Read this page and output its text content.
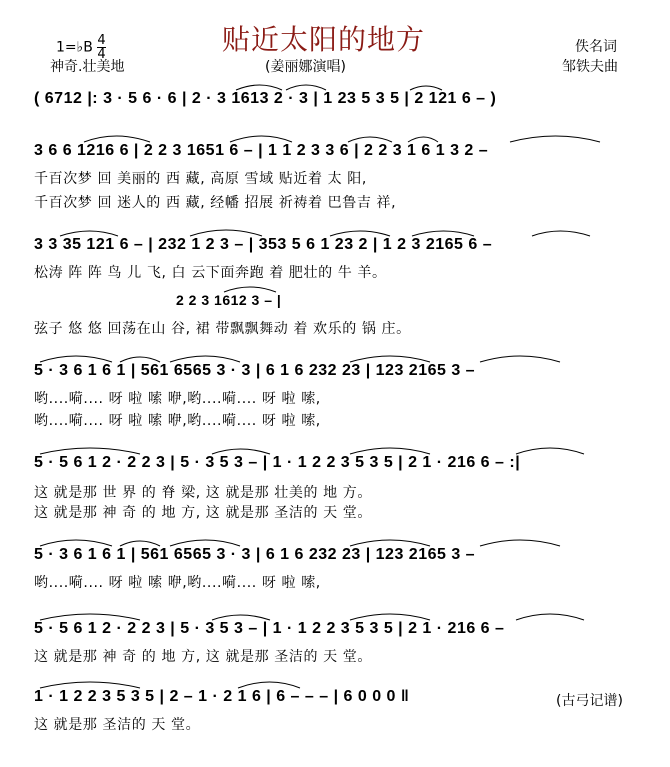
1=♭B $\frac{4}{4}$	贴近太阳的地方
神奇.壮美地	(姜丽娜演唱)
佚名词
邹铁夫曲
( 6712 |: 3 · 5 6 · 6 | 2 · 3 1613 2 · 3 | 1 23 5 3 5 | 2 121 6 – )
3 6 6 1216 6 | 2 2 3 1651 6 – | 1 1 2 3 3 6 | 2 2 3 1 6 1 3 2 –
千百次梦 回 美丽的 西 藏, 高原 雪域 贴近着 太 阳,
千百次梦 回 迷人的 西 藏, 经幡 招展 祈祷着 巴鲁吉 祥,
3 3 35 121 6 – | 232 1 2 3 – | 353 5 6 1 23 2 | 1 2 3 2165 6 –
松涛 阵 阵 鸟 儿 飞, 白 云下面奔跑 着 肥壮的 牛 羊。
2 2 3 1612 3 – |
弦子 悠 悠 回荡在山 谷, 裙 带飘飘舞动 着 欢乐的 锅 庄。
5 · 3 6 1 6 1 | 561 6565 3 · 3 | 6 1 6 232 23 | 123 2165 3 –
哟....嗬.... 呀 啦 嗦 咿,哟....嗬.... 呀 啦 嗦,
哟....嗬.... 呀 啦 嗦 咿,哟....嗬.... 呀 啦 嗦,
5 · 5 6 1 2 · 2 2 3 | 5 · 3 5 3 – | 1 · 1 2 2 3 5 3 5 | 2 1 · 216 6 – :|
这 就是那 世 界 的 脊 梁, 这 就是那 壮美的 地 方。
这 就是那 神 奇 的 地 方, 这 就是那 圣洁的 天 堂。
5 · 3 6 1 6 1 | 561 6565 3 · 3 | 6 1 6 232 23 | 123 2165 3 –
哟....嗬.... 呀 啦 嗦 咿,哟....嗬.... 呀 啦 嗦,
5 · 5 6 1 2 · 2 2 3 | 5 · 3 5 3 – | 1 · 1 2 2 3 5 3 5 | 2 1 · 216 6 –
这 就是那 神 奇 的 地 方, 这 就是那 圣洁的 天 堂。
1 · 1 2 2 3 5 3 5 | 2 – 1 · 2 1 6 | 6 – – – | 6 0 0 0 ‖
这 就是那 圣洁的 天 堂。
(古弓记谱)
